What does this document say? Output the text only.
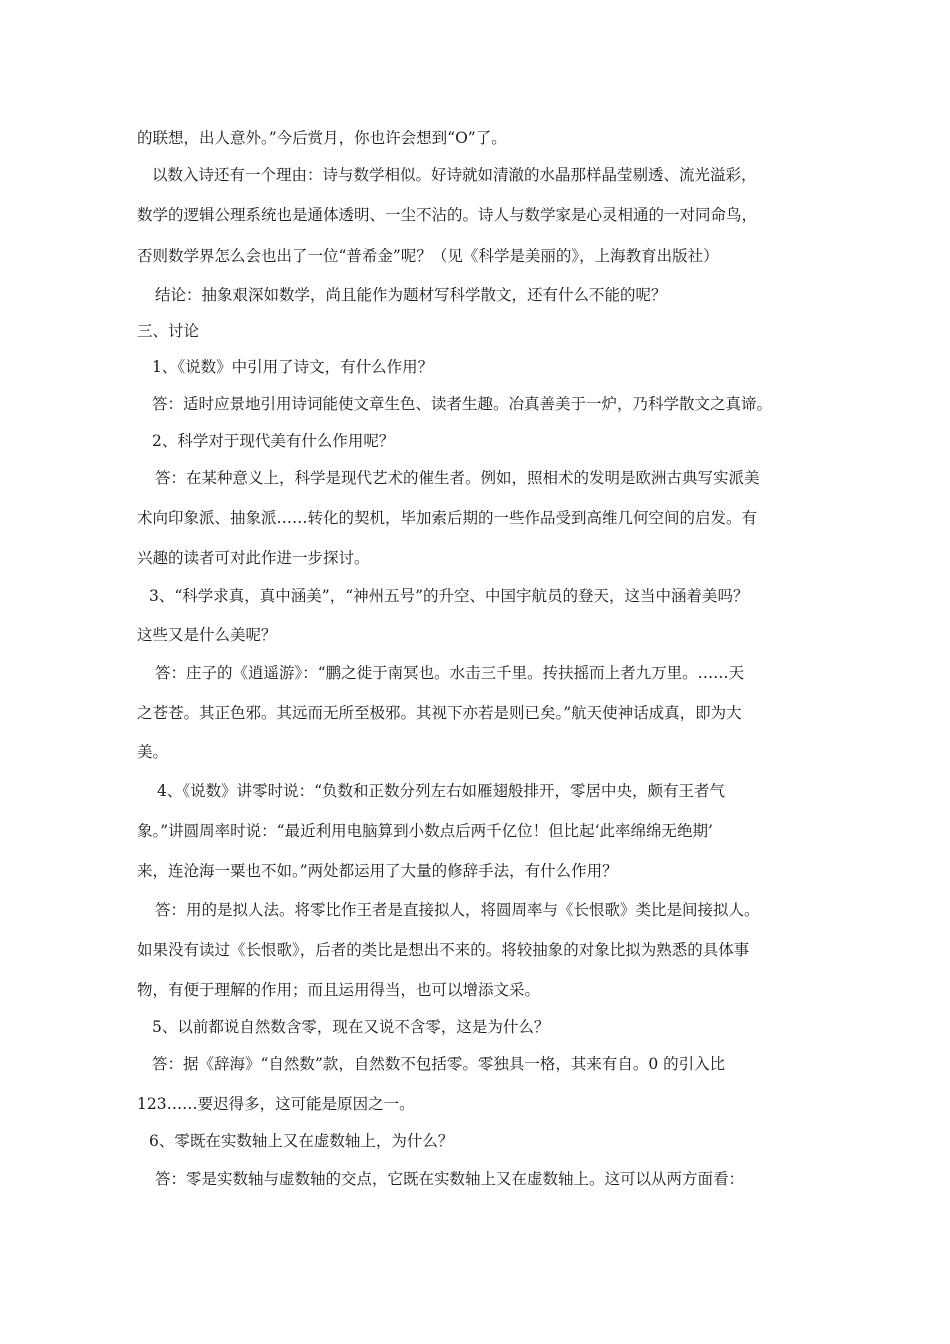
的联想，出人意外。”今后赏月，你也许会想到“O”了。
以数入诗还有一个理由：诗与数学相似。好诗就如清澈的水晶那样晶莹剔透、流光溢彩，
数学的逻辑公理系统也是通体透明、一尘不沾的。诗人与数学家是心灵相通的一对同命鸟，
否则数学界怎么会也出了一位“普希金”呢？（见《科学是美丽的》，上海教育出版社）
结论：抽象艰深如数学，尚且能作为题材写科学散文，还有什么不能的呢？
三、讨论
1、《说数》中引用了诗文，有什么作用？
答：适时应景地引用诗词能使文章生色、读者生趣。冶真善美于一炉，乃科学散文之真谛。
2、科学对于现代美有什么作用呢？
答：在某种意义上，科学是现代艺术的催生者。例如，照相术的发明是欧洲古典写实派美
术向印象派、抽象派……转化的契机，毕加索后期的一些作品受到高维几何空间的启发。有
兴趣的读者可对此作进一步探讨。
3、“科学求真，真中涵美”，“神州五号”的升空、中国宇航员的登天，这当中涵着美吗？
这些又是什么美呢？
答：庄子的《逍遥游》：“鹏之徙于南冥也。水击三千里。抟扶摇而上者九万里。……天
之苍苍。其正色邪。其远而无所至极邪。其视下亦若是则已矣。”航天使神话成真，即为大
美。
4、《说数》讲零时说：“负数和正数分列左右如雁翅般排开，零居中央，颇有王者气
象。”讲圆周率时说：“最近利用电脑算到小数点后两千亿位！但比起‘此率绵绵无绝期’
来，连沧海一粟也不如。”两处都运用了大量的修辞手法，有什么作用？
答：用的是拟人法。将零比作王者是直接拟人，将圆周率与《长恨歌》类比是间接拟人。
如果没有读过《长恨歌》，后者的类比是想出不来的。将较抽象的对象比拟为熟悉的具体事
物，有便于理解的作用；而且运用得当，也可以增添文采。
5、以前都说自然数含零，现在又说不含零，这是为什么？
答：据《辞海》“自然数”款，自然数不包括零。零独具一格，其来有自。0 的引入比
123……要迟得多，这可能是原因之一。
6、零既在实数轴上又在虚数轴上，为什么？
答：零是实数轴与虚数轴的交点，它既在实数轴上又在虚数轴上。这可以从两方面看：
